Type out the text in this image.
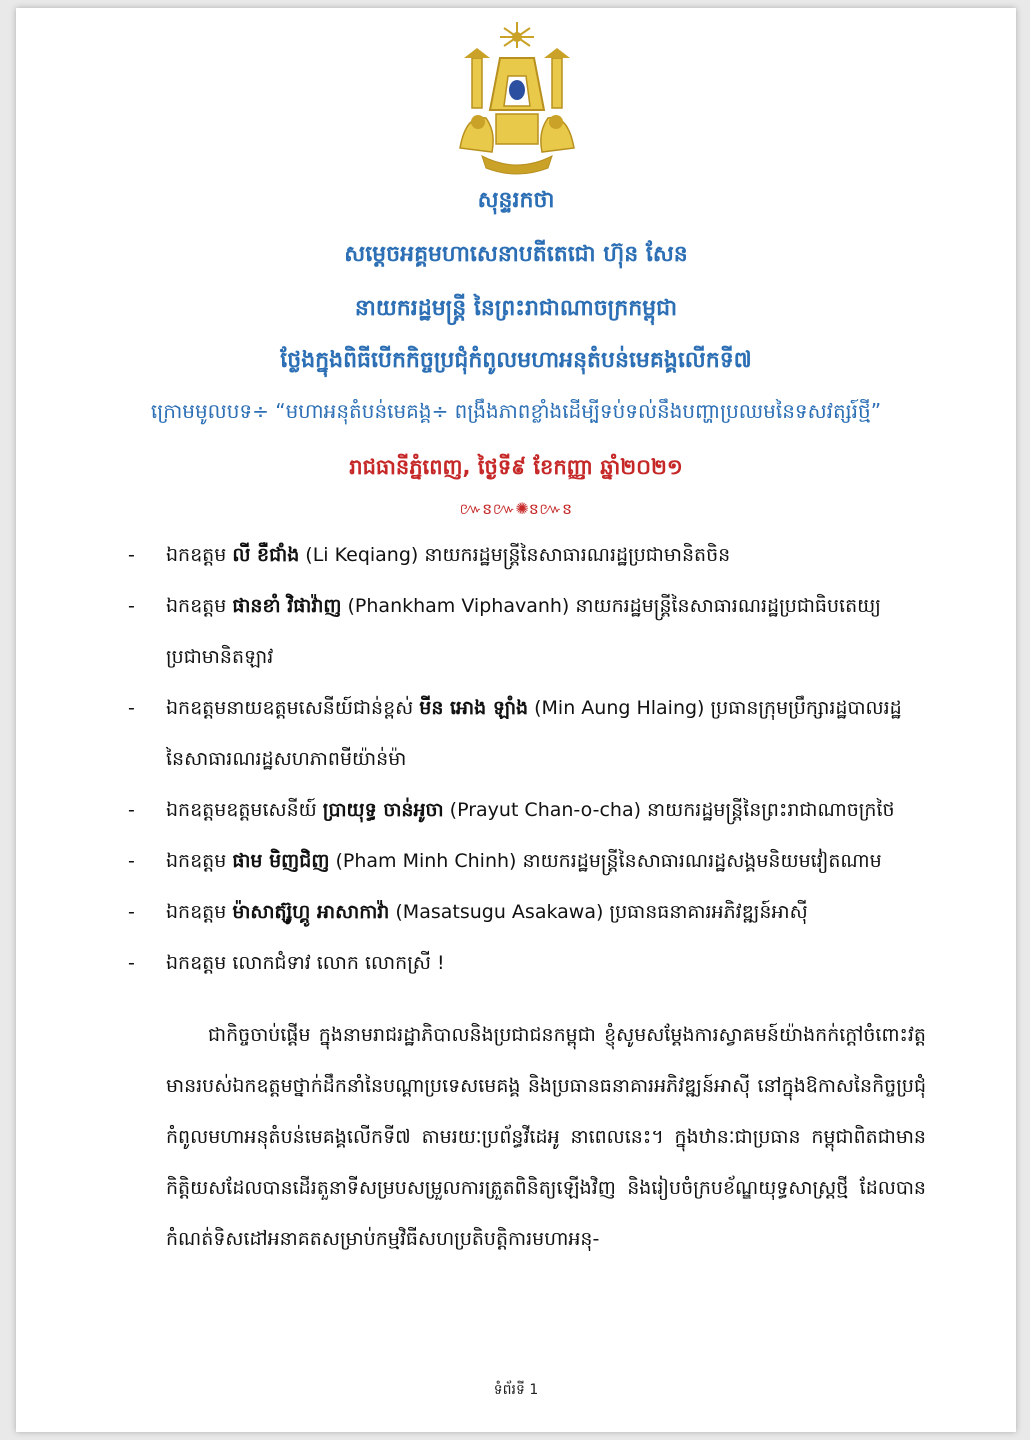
សុន្ទរកថា
សម្តេចអគ្គមហាសេនាបតីតេជោ ហ៊ុន សែន
នាយករដ្ឋមន្ត្រី នៃព្រះរាជាណាចក្រកម្ពុជា
ថ្លែងក្នុងពិធីបើកកិច្ចប្រជុំកំពូលមហាអនុតំបន់មេគង្គលើកទី៧
ក្រោមមូលបទ÷ “មហាអនុតំបន់មេគង្គ÷ ពង្រឹងភាពខ្លាំងដើម្បីទប់ទល់នឹងបញ្ហាប្រឈមនៃទសវត្សរ៍ថ្មី”
រាជធានីភ្នំពេញ, ថ្ងៃទី៩ ខែកញ្ញា ឆ្នាំ២០២១
៚ៜ៚✺ៜ៚ៜ
- ឯកឧត្តម លី ខឺជាំង (Li Keqiang) នាយករដ្ឋមន្ត្រីនៃសាធារណរដ្ឋប្រជាមានិតចិន
- ឯកឧត្តម ផានខាំ វិផាវ៉ាញ (Phankham Viphavanh) នាយករដ្ឋមន្ត្រីនៃសាធារណរដ្ឋប្រជាធិបតេយ្យ
ប្រជាមានិតឡាវ
- ឯកឧត្តមនាយឧត្តមសេនីយ៍ជាន់ខ្ពស់ មីន អោង ឡាំង (Min Aung Hlaing) ប្រធានក្រុមប្រឹក្សារដ្ឋបាលរដ្ឋ
នៃសាធារណរដ្ឋសហភាពមីយ៉ាន់ម៉ា
- ឯកឧត្តមឧត្តមសេនីយ៍ ប្រាយុទ្ធ ចាន់អូចា (Prayut Chan-o-cha) នាយករដ្ឋមន្ត្រីនៃព្រះរាជាណាចក្រថៃ
- ឯកឧត្តម ផាម មិញជិញ (Pham Minh Chinh) នាយករដ្ឋមន្ត្រីនៃសាធារណរដ្ឋសង្គមនិយមវៀតណាម
- ឯកឧត្តម ម៉ាសាត្ស៊ូហ្គូ អាសាកាវ៉ា (Masatsugu Asakawa) ប្រធានធនាគារអភិវឌ្ឍន៍អាស៊ី
- ឯកឧត្តម លោកជំទាវ លោក លោកស្រី !

ជាកិច្ចចាប់ផ្តើម ក្នុងនាមរាជរដ្ឋាភិបាលនិងប្រជាជនកម្ពុជា ខ្ញុំសូមសម្តែងការស្វាគមន៍យ៉ាងកក់ក្តៅចំពោះវត្តមានរបស់ឯកឧត្តមថ្នាក់ដឹកនាំនៃបណ្តាប្រទេសមេគង្គ និងប្រធានធនាគារអភិវឌ្ឍន៍អាស៊ី នៅក្នុងឱកាសនៃកិច្ចប្រជុំកំពូលមហាអនុតំបន់មេគង្គលើកទី៧ តាមរយៈប្រព័ន្ធវីដេអូ នាពេលនេះ។ ក្នុងឋានៈជាប្រធាន កម្ពុជាពិតជាមានកិត្តិយសដែលបានដើរតួនាទីសម្របសម្រួលការត្រួតពិនិត្យឡើងវិញ និងរៀបចំក្របខ័ណ្ឌយុទ្ធសាស្ត្រថ្មី ដែលបានកំណត់ទិសដៅអនាគតសម្រាប់កម្មវិធីសហប្រតិបត្តិការមហាអនុ-

ទំព័រទី 1
